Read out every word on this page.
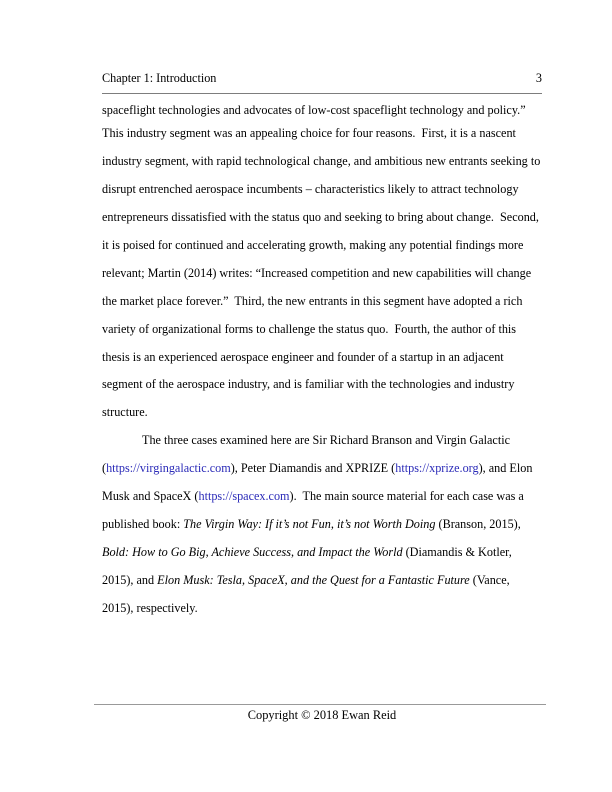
Chapter 1: Introduction	3
spaceflight technologies and advocates of low-cost spaceflight technology and policy.”
This industry segment was an appealing choice for four reasons.  First, it is a nascent
industry segment, with rapid technological change, and ambitious new entrants seeking to
disrupt entrenched aerospace incumbents – characteristics likely to attract technology
entrepreneurs dissatisfied with the status quo and seeking to bring about change.  Second,
it is poised for continued and accelerating growth, making any potential findings more
relevant; Martin (2014) writes: “Increased competition and new capabilities will change
the market place forever.”  Third, the new entrants in this segment have adopted a rich
variety of organizational forms to challenge the status quo.  Fourth, the author of this
thesis is an experienced aerospace engineer and founder of a startup in an adjacent
segment of the aerospace industry, and is familiar with the technologies and industry
structure.
The three cases examined here are Sir Richard Branson and Virgin Galactic
(https://virgingalactic.com), Peter Diamandis and XPRIZE (https://xprize.org), and Elon
Musk and SpaceX (https://spacex.com).  The main source material for each case was a
published book: The Virgin Way: If it’s not Fun, it’s not Worth Doing (Branson, 2015),
Bold: How to Go Big, Achieve Success, and Impact the World (Diamandis & Kotler,
2015), and Elon Musk: Tesla, SpaceX, and the Quest for a Fantastic Future (Vance,
2015), respectively.
Copyright © 2018 Ewan Reid
